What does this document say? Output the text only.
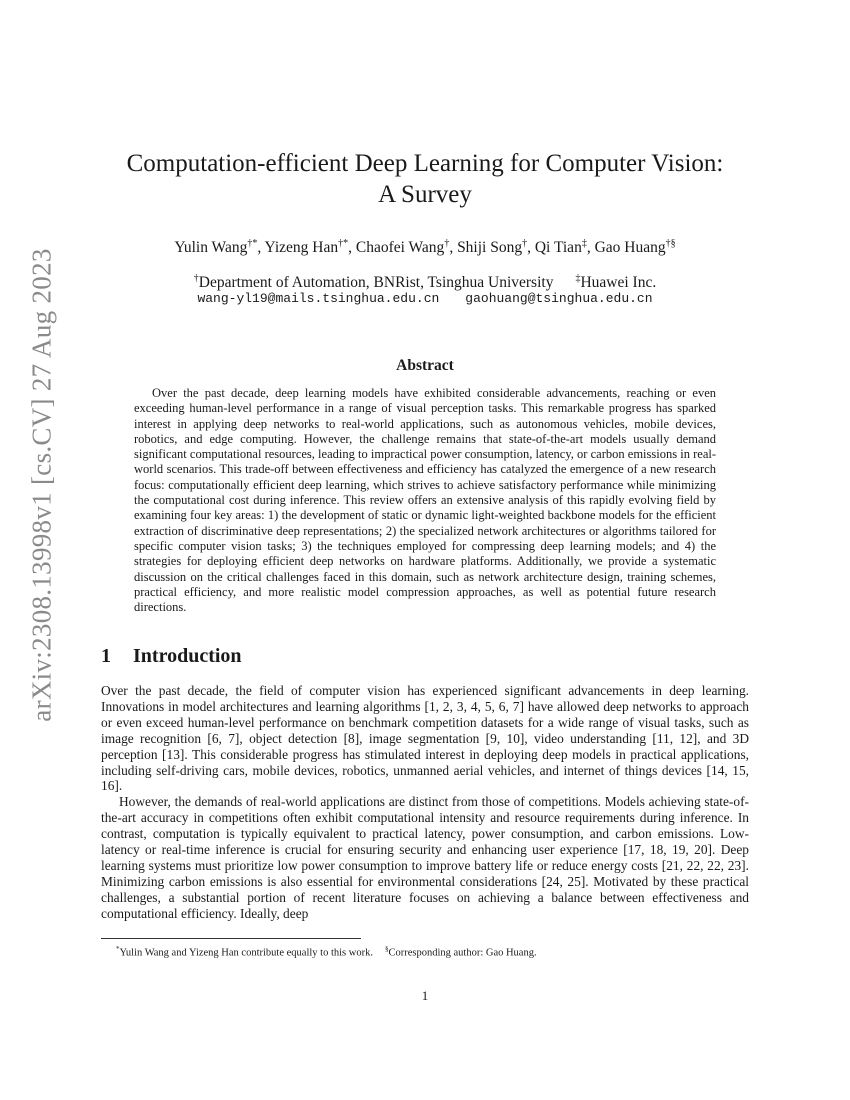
arXiv:2308.13998v1 [cs.CV] 27 Aug 2023
Computation-efficient Deep Learning for Computer Vision:
A Survey
Yulin Wang†*, Yizeng Han†*, Chaofei Wang†, Shiji Song†, Qi Tian‡, Gao Huang†§
†Department of Automation, BNRist, Tsinghua University ‡Huawei Inc.
wang-yl19@mails.tsinghua.edu.cn gaohuang@tsinghua.edu.cn
Abstract

Over the past decade, deep learning models have exhibited considerable advancements, reaching or even exceeding human-level performance in a range of visual perception tasks. This remarkable progress has sparked interest in applying deep networks to real-world applications, such as autonomous vehicles, mobile devices, robotics, and edge computing. However, the challenge remains that state-of-the-art models usually demand significant computational resources, leading to impractical power consumption, latency, or carbon emissions in real-world scenarios. This trade-off between effectiveness and efficiency has catalyzed the emergence of a new research focus: computationally efficient deep learning, which strives to achieve satisfactory performance while minimizing the computational cost during inference. This review offers an extensive analysis of this rapidly evolving field by examining four key areas: 1) the development of static or dynamic light-weighted backbone models for the efficient extraction of discriminative deep representations; 2) the specialized network architectures or algorithms tailored for specific computer vision tasks; 3) the techniques employed for compressing deep learning models; and 4) the strategies for deploying efficient deep networks on hardware platforms. Additionally, we provide a systematic discussion on the critical challenges faced in this domain, such as network architecture design, training schemes, practical efficiency, and more realistic model compression approaches, as well as potential future research directions.

1 Introduction

Over the past decade, the field of computer vision has experienced significant advancements in deep learning. Innovations in model architectures and learning algorithms [1, 2, 3, 4, 5, 6, 7] have allowed deep networks to approach or even exceed human-level performance on benchmark competition datasets for a wide range of visual tasks, such as image recognition [6, 7], object detection [8], image segmentation [9, 10], video understanding [11, 12], and 3D perception [13]. This considerable progress has stimulated interest in deploying deep models in practical applications, including self-driving cars, mobile devices, robotics, unmanned aerial vehicles, and internet of things devices [14, 15, 16].

However, the demands of real-world applications are distinct from those of competitions. Models achieving state-of-the-art accuracy in competitions often exhibit computational intensity and resource requirements during inference. In contrast, computation is typically equivalent to practical latency, power consumption, and carbon emissions. Low-latency or real-time inference is crucial for ensuring security and enhancing user experience [17, 18, 19, 20]. Deep learning systems must prioritize low power consumption to improve battery life or reduce energy costs [21, 22, 22, 23]. Minimizing carbon emissions is also essential for environmental considerations [24, 25]. Motivated by these practical challenges, a substantial portion of recent literature focuses on achieving a balance between effectiveness and computational efficiency. Ideally, deep

*Yulin Wang and Yizeng Han contribute equally to this work. §Corresponding author: Gao Huang.
1
